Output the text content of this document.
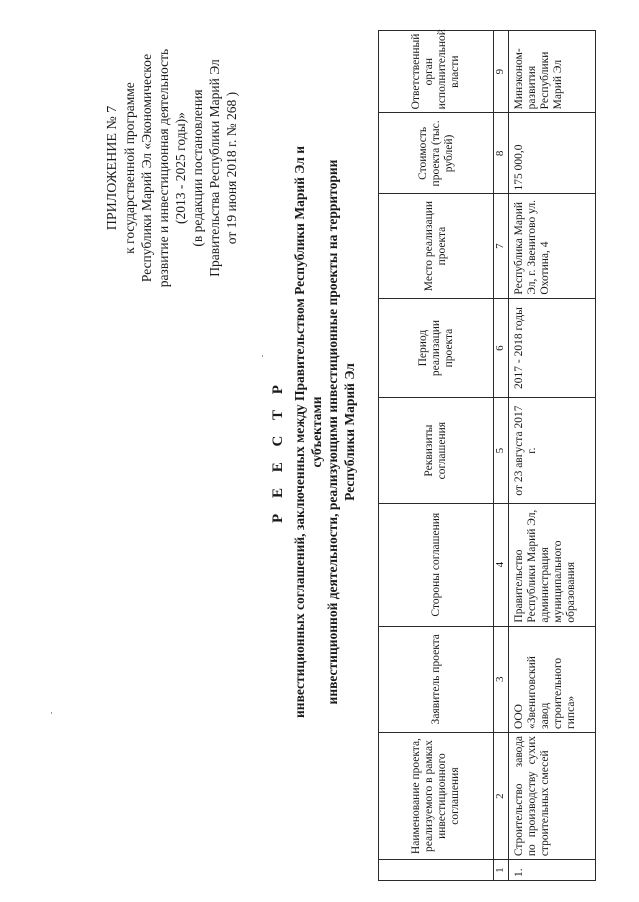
ПРИЛОЖЕНИЕ № 7 к государственной программе Республики Марий Эл «Экономическое развитие и инвестиционная деятельность (2013 - 2025 годы)» (в редакции постановления Правительства Республики Марий Эл от 19 июня 2018 г. № 268 )
Р Е Е С Т Р инвестиционных соглашений, заключенных между Правительством Республики Марий Эл и субъектами инвестиционной деятельности, реализующими инвестиционные проекты на территории Республики Марий Эл
	Наименование проекта, реализуемого в рамках инвестиционного соглашения	Заявитель проекта	Стороны соглашения	Реквизиты соглашения	Период реализации проекта	Место реализации проекта	Стоимость проекта (тыс. рублей)	Ответственный орган исполнительной власти
1	2	3	4	5	6	7	8	9
1.	Строительство завода по производству сухих строительных смесей	ООО «Звениговский завод строительного гипса»	Правительство Республики Марий Эл, администрация муниципального образования	от 23 августа 2017 г.	2017 - 2018 годы	Республика Марий Эл, г. Звенигово ул. Охотина, 4	175 000,0	Минэконом-развития Республики Марий Эл
